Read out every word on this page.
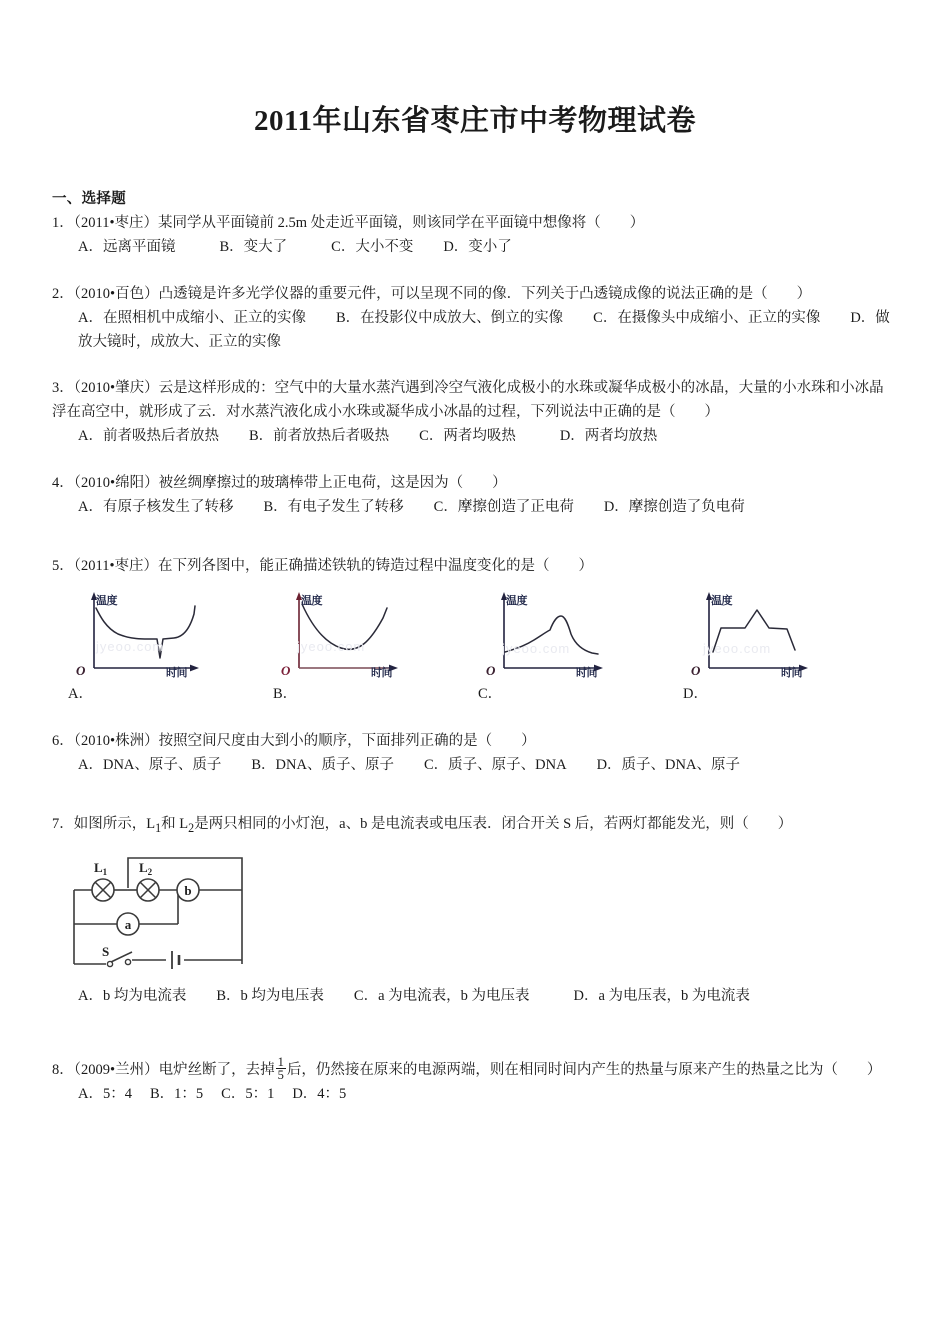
2011年山东省枣庄市中考物理试卷
一、选择题
1．（2011•枣庄）某同学从平面镜前 2.5m 处走近平面镜，则该同学在平面镜中想像将（　　）
A．远离平面镜	B．变大了	C．大小不变 D．变小了
2．（2010•百色）凸透镜是许多光学仪器的重要元件，可以呈现不同的像．下列关于凸透镜成像的说法正确的是（　　）
A．在照相机中成缩小、正立的实像 B．在投影仪中成放大、倒立的实像 C．在摄像头中成缩小、正立的实像 D．做放大镜时，成放大、正立的实像
3．（2010•肇庆）云是这样形成的：空气中的大量水蒸汽遇到冷空气液化成极小的水珠或凝华成极小的冰晶，大量的小水珠和小冰晶浮在高空中，就形成了云．对水蒸汽液化成小水珠或凝华成小冰晶的过程，下列说法中正确的是（　　）
A．前者吸热后者放热 B．前者放热后者吸热 C．两者均吸热	D．两者均放热
4．（2010•绵阳）被丝绸摩擦过的玻璃棒带上正电荷，这是因为（　　）
A．有原子核发生了转移 B．有电子发生了转移 C．摩擦创造了正电荷 D．摩擦创造了负电荷
5．（2011•枣庄）在下列各图中，能正确描述铁轨的铸造过程中温度变化的是（　　）
jyeoo.com
温度
时间
O
A．
jyeoo.com
温度
时间
O
B．
jyeoo.com
温度
时间
O
C．
jyeoo.com
温度
时间
O
D．
6．（2010•株洲）按照空间尺度由大到小的顺序，下面排列正确的是（　　）
A．DNA、原子、质子 B．DNA、质子、原子 C．质子、原子、DNA D．质子、DNA、原子
7．如图所示，$L_1$和 $L_2$是两只相同的小灯泡，a、b 是电流表或电压表．闭合开关 S 后，若两灯都能发光，则（　　）
$L_1$ $L_2$
b
a
S
A．b 均为电流表 B．b 均为电压表 C．a 为电流表，b 为电压表	D．a 为电压表，b 为电流表
8．（2009•兰州）电炉丝断了，去掉 $\frac{1}{5}$ 后，仍然接在原来的电源两端，则在相同时间内产生的热量与原来产生的热量之比为（　　）
A．5：4 B．1：5 C．5：1 D．4：5
